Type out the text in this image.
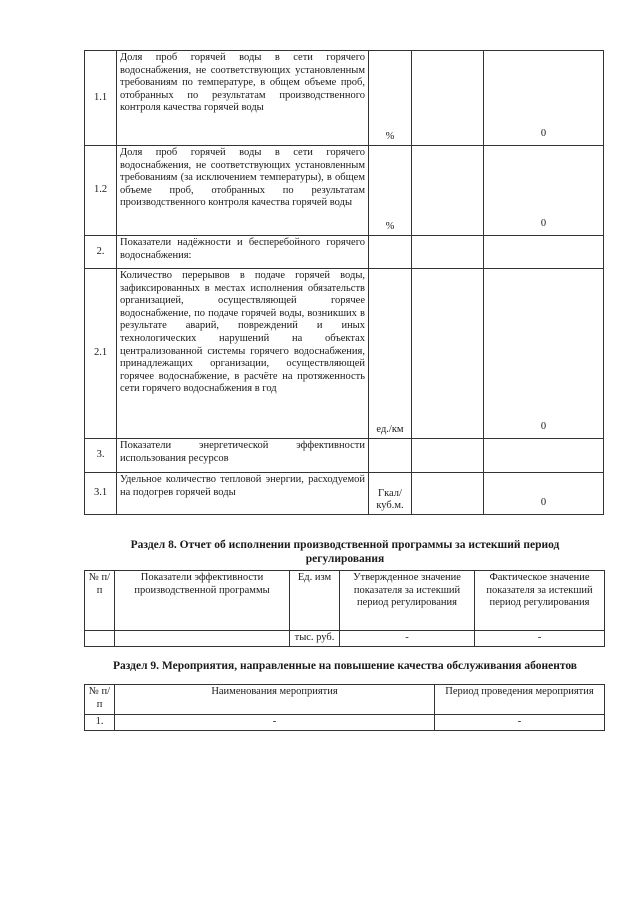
1.1	Доля проб горячей воды в сети горячего водоснабжения, не соответствующих установленным требованиям по температуре, в общем объеме проб, отобранных по результатам производственного контроля качества горячей воды	%		0
1.2	Доля проб горячей воды в сети горячего водоснабжения, не соответствующих установленным требованиям (за исключением температуры), в общем объеме проб, отобранных по результатам производственного контроля качества горячей воды	%		0
2.	Показатели надёжности и бесперебойного горячего водоснабжения:			
2.1	Количество перерывов в подаче горячей воды, зафиксированных в местах исполнения обязательств организацией, осуществляющей горячее водоснабжение, по подаче горячей воды, возникших в результате аварий, повреждений и иных технологических нарушений на объектах централизованной системы горячего водоснабжения, принадлежащих организации, осуществляющей горячее водоснабжение, в расчёте на протяженность сети горячего водоснабжения в год	ед./км		0
3.	Показатели энергетической эффективности использования ресурсов			
3.1	Удельное количество тепловой энергии, расходуемой на подогрев горячей воды	Гкал/ куб.м.		0
Раздел 8. Отчет об исполнении производственной программы за истекший период регулирования
№ п/п	Показатели эффективности производственной программы	Ед. изм	Утвержденное значение показателя за истекший период регулирования	Фактическое значение показателя за истекший период регулирования
		тыс. руб.	-	-
Раздел 9. Мероприятия, направленные на повышение качества обслуживания абонентов
№ п/п	Наименования мероприятия	Период проведения мероприятия
1.	-	-
